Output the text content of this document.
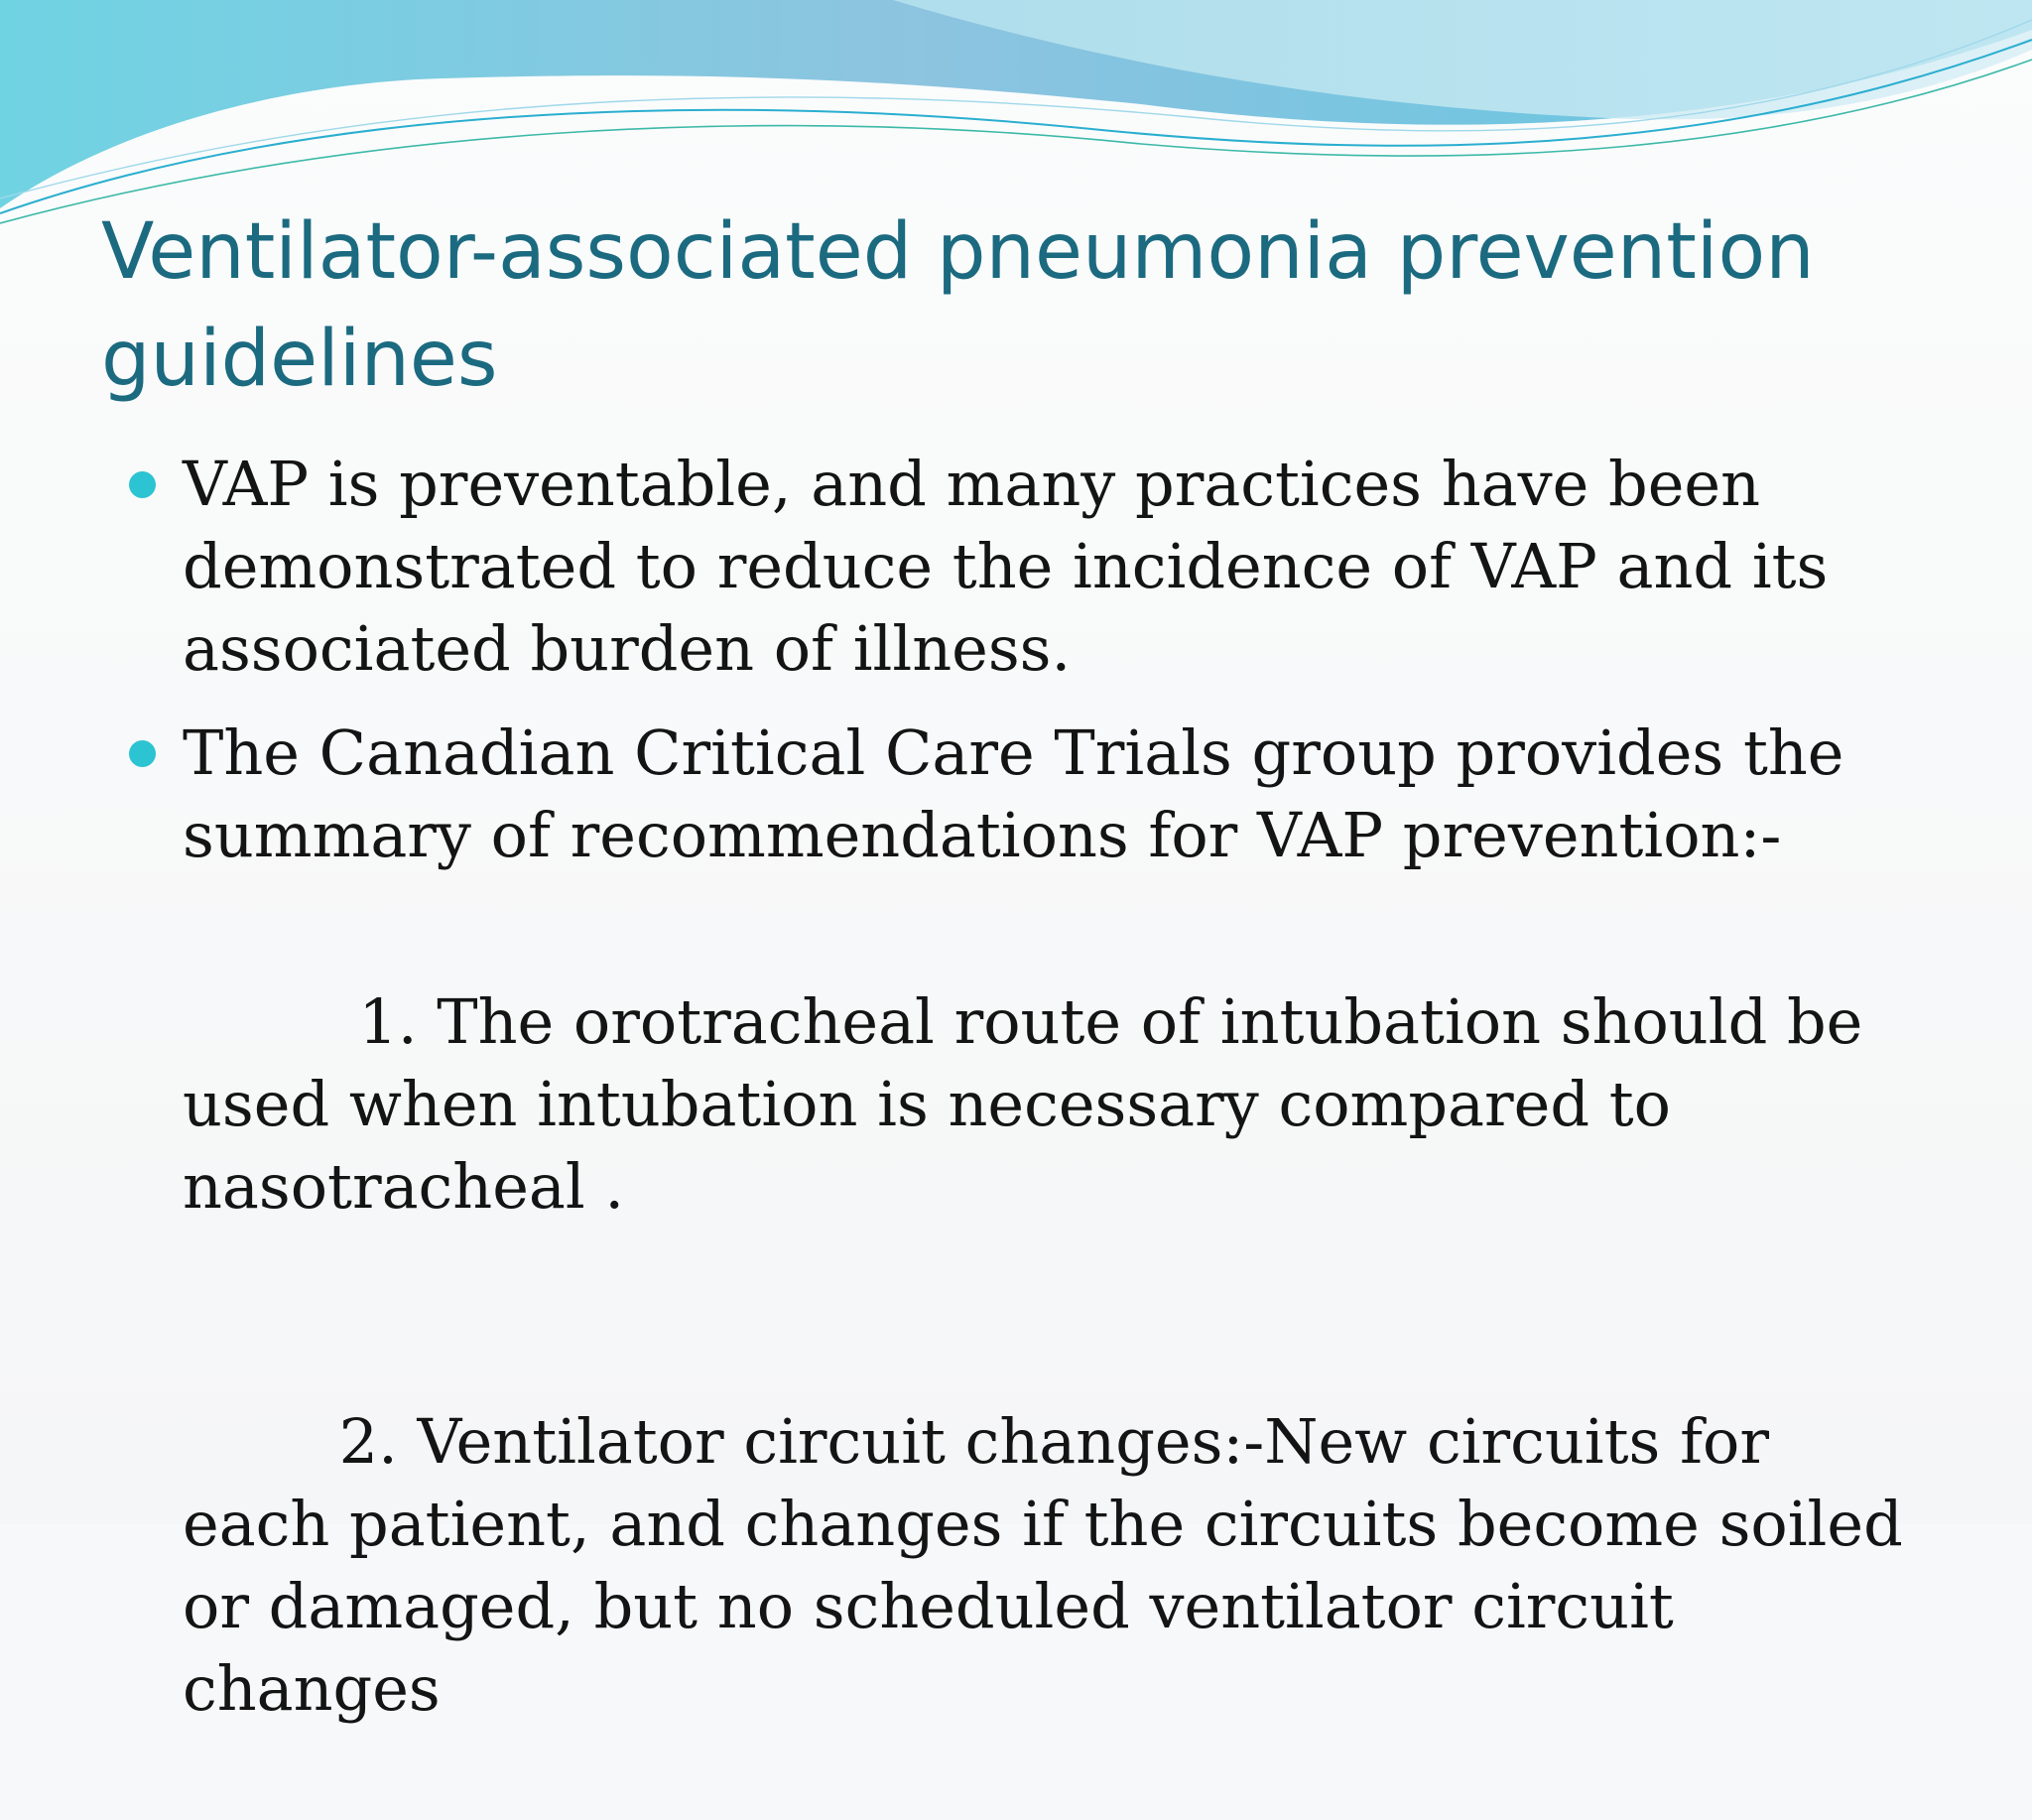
Ventilator-associated pneumonia prevention guidelines
VAP is preventable, and many practices have been demonstrated to reduce the incidence of VAP and its associated burden of illness.
The Canadian Critical Care Trials group provides the summary of recommendations for VAP prevention:-

1. The orotracheal route of intubation should be used when intubation is necessary compared to nasotracheal .

2. Ventilator circuit changes:-New circuits for each patient, and changes if the circuits become soiled or damaged, but no scheduled ventilator circuit changes
